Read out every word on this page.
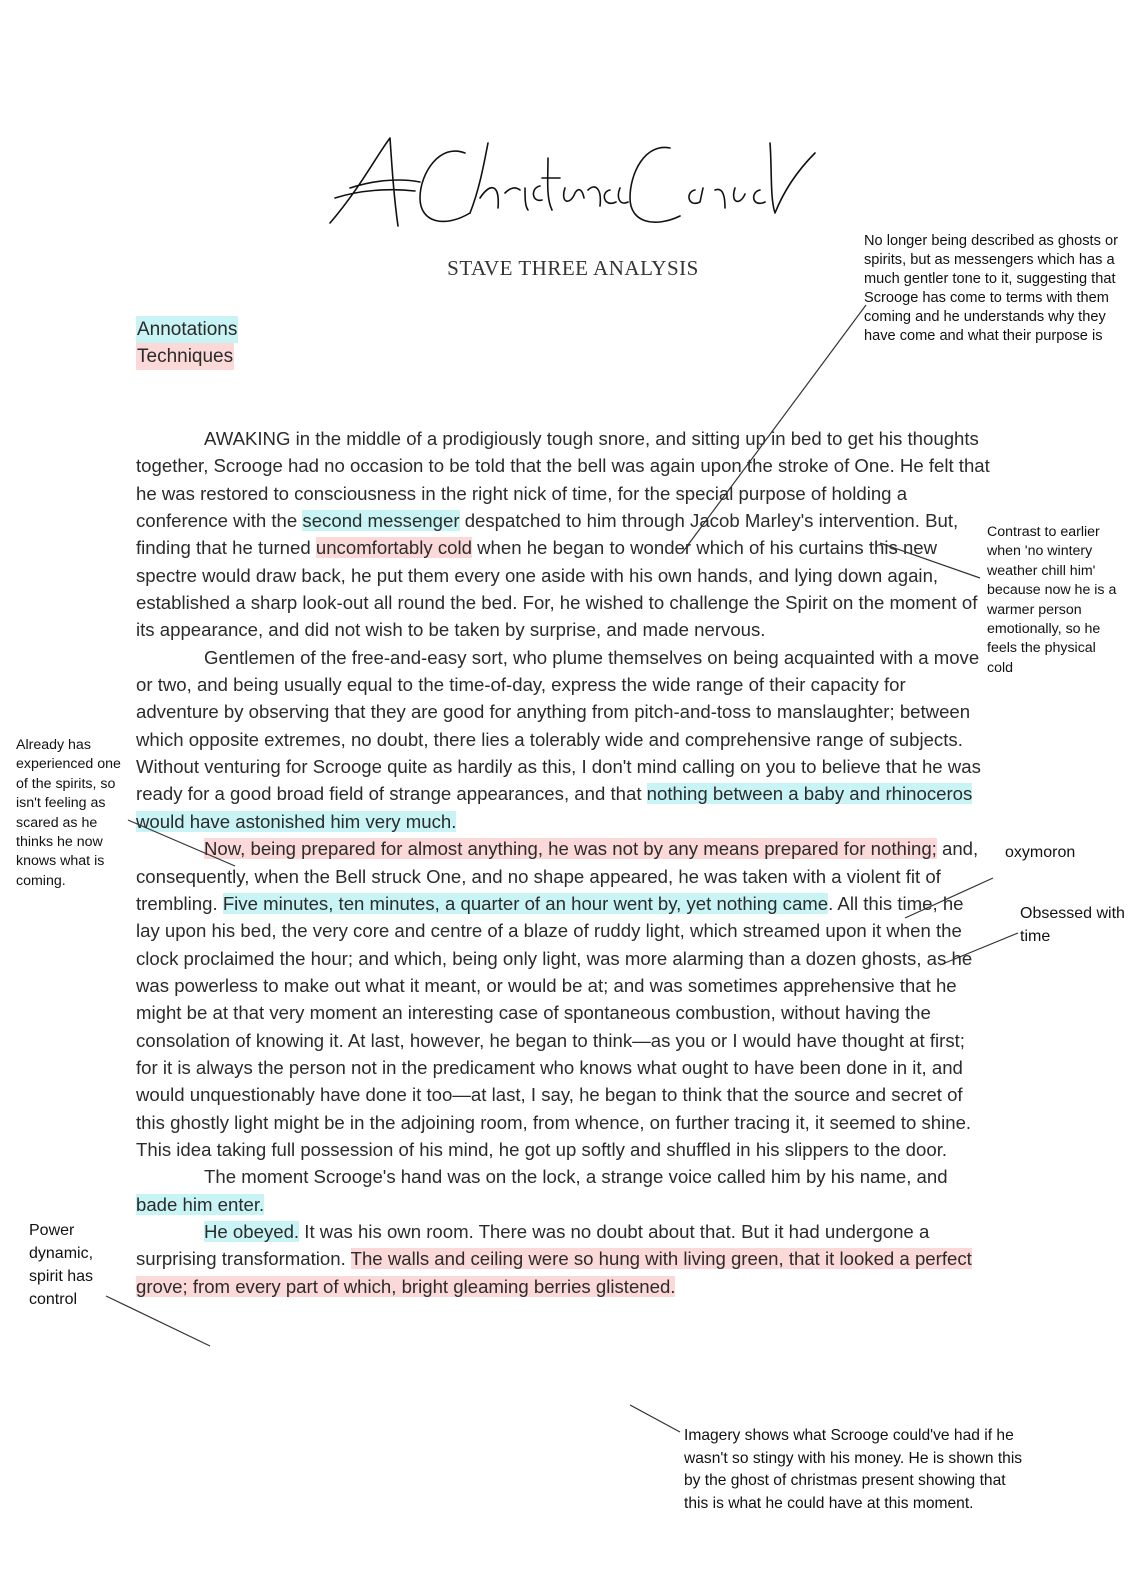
STAVE THREE ANALYSIS
Annotations
Techniques

AWAKING in the middle of a prodigiously tough snore, and sitting up in bed to get his thoughts together, Scrooge had no occasion to be told that the bell was again upon the stroke of One. He felt that he was restored to consciousness in the right nick of time, for the special purpose of holding a conference with the second messenger despatched to him through Jacob Marley's intervention. But, finding that he turned uncomfortably cold when he began to wonder which of his curtains this new spectre would draw back, he put them every one aside with his own hands, and lying down again, established a sharp look-out all round the bed. For, he wished to challenge the Spirit on the moment of its appearance, and did not wish to be taken by surprise, and made nervous.

Gentlemen of the free-and-easy sort, who plume themselves on being acquainted with a move or two, and being usually equal to the time-of-day, express the wide range of their capacity for adventure by observing that they are good for anything from pitch-and-toss to manslaughter; between which opposite extremes, no doubt, there lies a tolerably wide and comprehensive range of subjects. Without venturing for Scrooge quite as hardily as this, I don't mind calling on you to believe that he was ready for a good broad field of strange appearances, and that nothing between a baby and rhinoceros would have astonished him very much.

Now, being prepared for almost anything, he was not by any means prepared for nothing; and, consequently, when the Bell struck One, and no shape appeared, he was taken with a violent fit of trembling. Five minutes, ten minutes, a quarter of an hour went by, yet nothing came. All this time, he lay upon his bed, the very core and centre of a blaze of ruddy light, which streamed upon it when the clock proclaimed the hour; and which, being only light, was more alarming than a dozen ghosts, as he was powerless to make out what it meant, or would be at; and was sometimes apprehensive that he might be at that very moment an interesting case of spontaneous combustion, without having the consolation of knowing it. At last, however, he began to think—as you or I would have thought at first; for it is always the person not in the predicament who knows what ought to have been done in it, and would unquestionably have done it too—at last, I say, he began to think that the source and secret of this ghostly light might be in the adjoining room, from whence, on further tracing it, it seemed to shine. This idea taking full possession of his mind, he got up softly and shuffled in his slippers to the door.

The moment Scrooge's hand was on the lock, a strange voice called him by his name, and bade him enter.

He obeyed. It was his own room. There was no doubt about that. But it had undergone a surprising transformation. The walls and ceiling were so hung with living green, that it looked a perfect grove; from every part of which, bright gleaming berries glistened.

No longer being described as ghosts or spirits, but as messengers which has a much gentler tone to it, suggesting that Scrooge has come to terms with them coming and he understands why they have come and what their purpose is
Contrast to earlier when 'no wintery weather chill him' because now he is a warmer person emotionally, so he feels the physical cold
Already has experienced one of the spirits, so isn't feeling as scared as he thinks he now knows what is coming.
oxymoron
Obsessed with time
Power dynamic, spirit has control
Imagery shows what Scrooge could've had if he wasn't so stingy with his money. He is shown this by the ghost of christmas present showing that this is what he could have at this moment.
